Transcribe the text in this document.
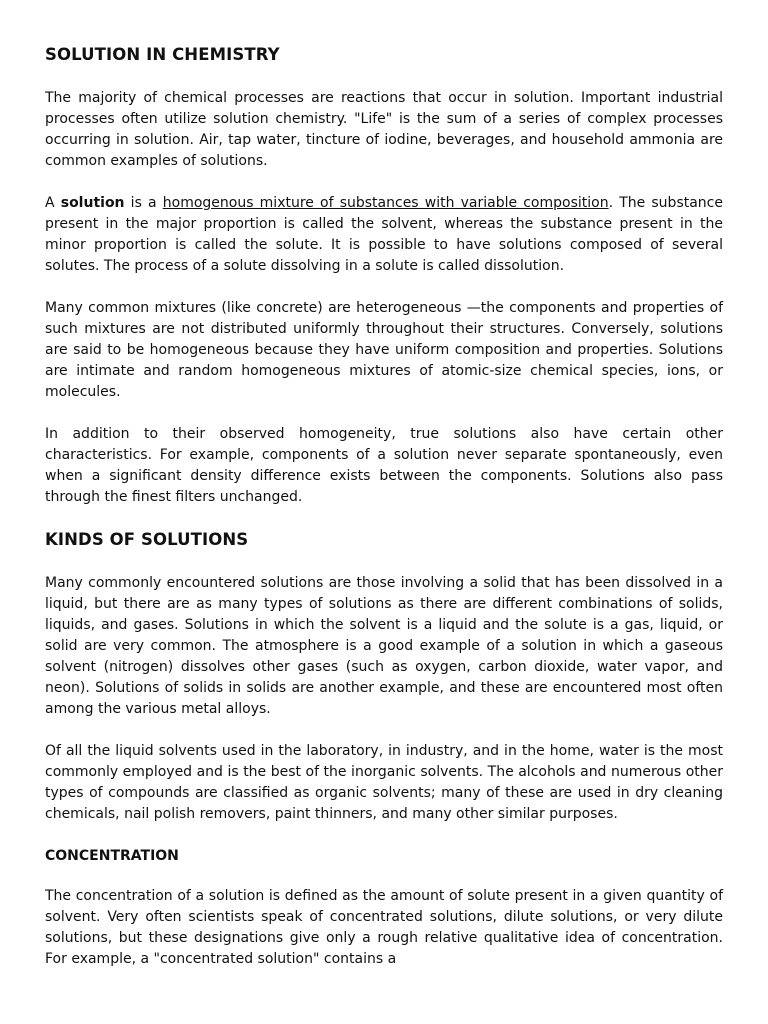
SOLUTION IN CHEMISTRY

The majority of chemical processes are reactions that occur in solution. Important industrial processes often utilize solution chemistry. "Life" is the sum of a series of complex processes occurring in solution. Air, tap water, tincture of iodine, beverages, and household ammonia are common examples of solutions.

A solution is a homogenous mixture of substances with variable composition. The substance present in the major proportion is called the solvent, whereas the substance present in the minor proportion is called the solute. It is possible to have solutions composed of several solutes. The process of a solute dissolving in a solute is called dissolution.

Many common mixtures (like concrete) are heterogeneous —the components and properties of such mixtures are not distributed uniformly throughout their structures. Conversely, solutions are said to be homogeneous because they have uniform composition and properties. Solutions are intimate and random homogeneous mixtures of atomic-size chemical species, ions, or molecules.

In addition to their observed homogeneity, true solutions also have certain other characteristics. For example, components of a solution never separate spontaneously, even when a significant density difference exists between the components. Solutions also pass through the finest filters unchanged.

KINDS OF SOLUTIONS

Many commonly encountered solutions are those involving a solid that has been dissolved in a liquid, but there are as many types of solutions as there are different combinations of solids, liquids, and gases. Solutions in which the solvent is a liquid and the solute is a gas, liquid, or solid are very common. The atmosphere is a good example of a solution in which a gaseous solvent (nitrogen) dissolves other gases (such as oxygen, carbon dioxide, water vapor, and neon). Solutions of solids in solids are another example, and these are encountered most often among the various metal alloys.

Of all the liquid solvents used in the laboratory, in industry, and in the home, water is the most commonly employed and is the best of the inorganic solvents. The alcohols and numerous other types of compounds are classified as organic solvents; many of these are used in dry cleaning chemicals, nail polish removers, paint thinners, and many other similar purposes.

CONCENTRATION

The concentration of a solution is defined as the amount of solute present in a given quantity of solvent. Very often scientists speak of concentrated solutions, dilute solutions, or very dilute solutions, but these designations give only a rough relative qualitative idea of concentration. For example, a "concentrated solution" contains a
